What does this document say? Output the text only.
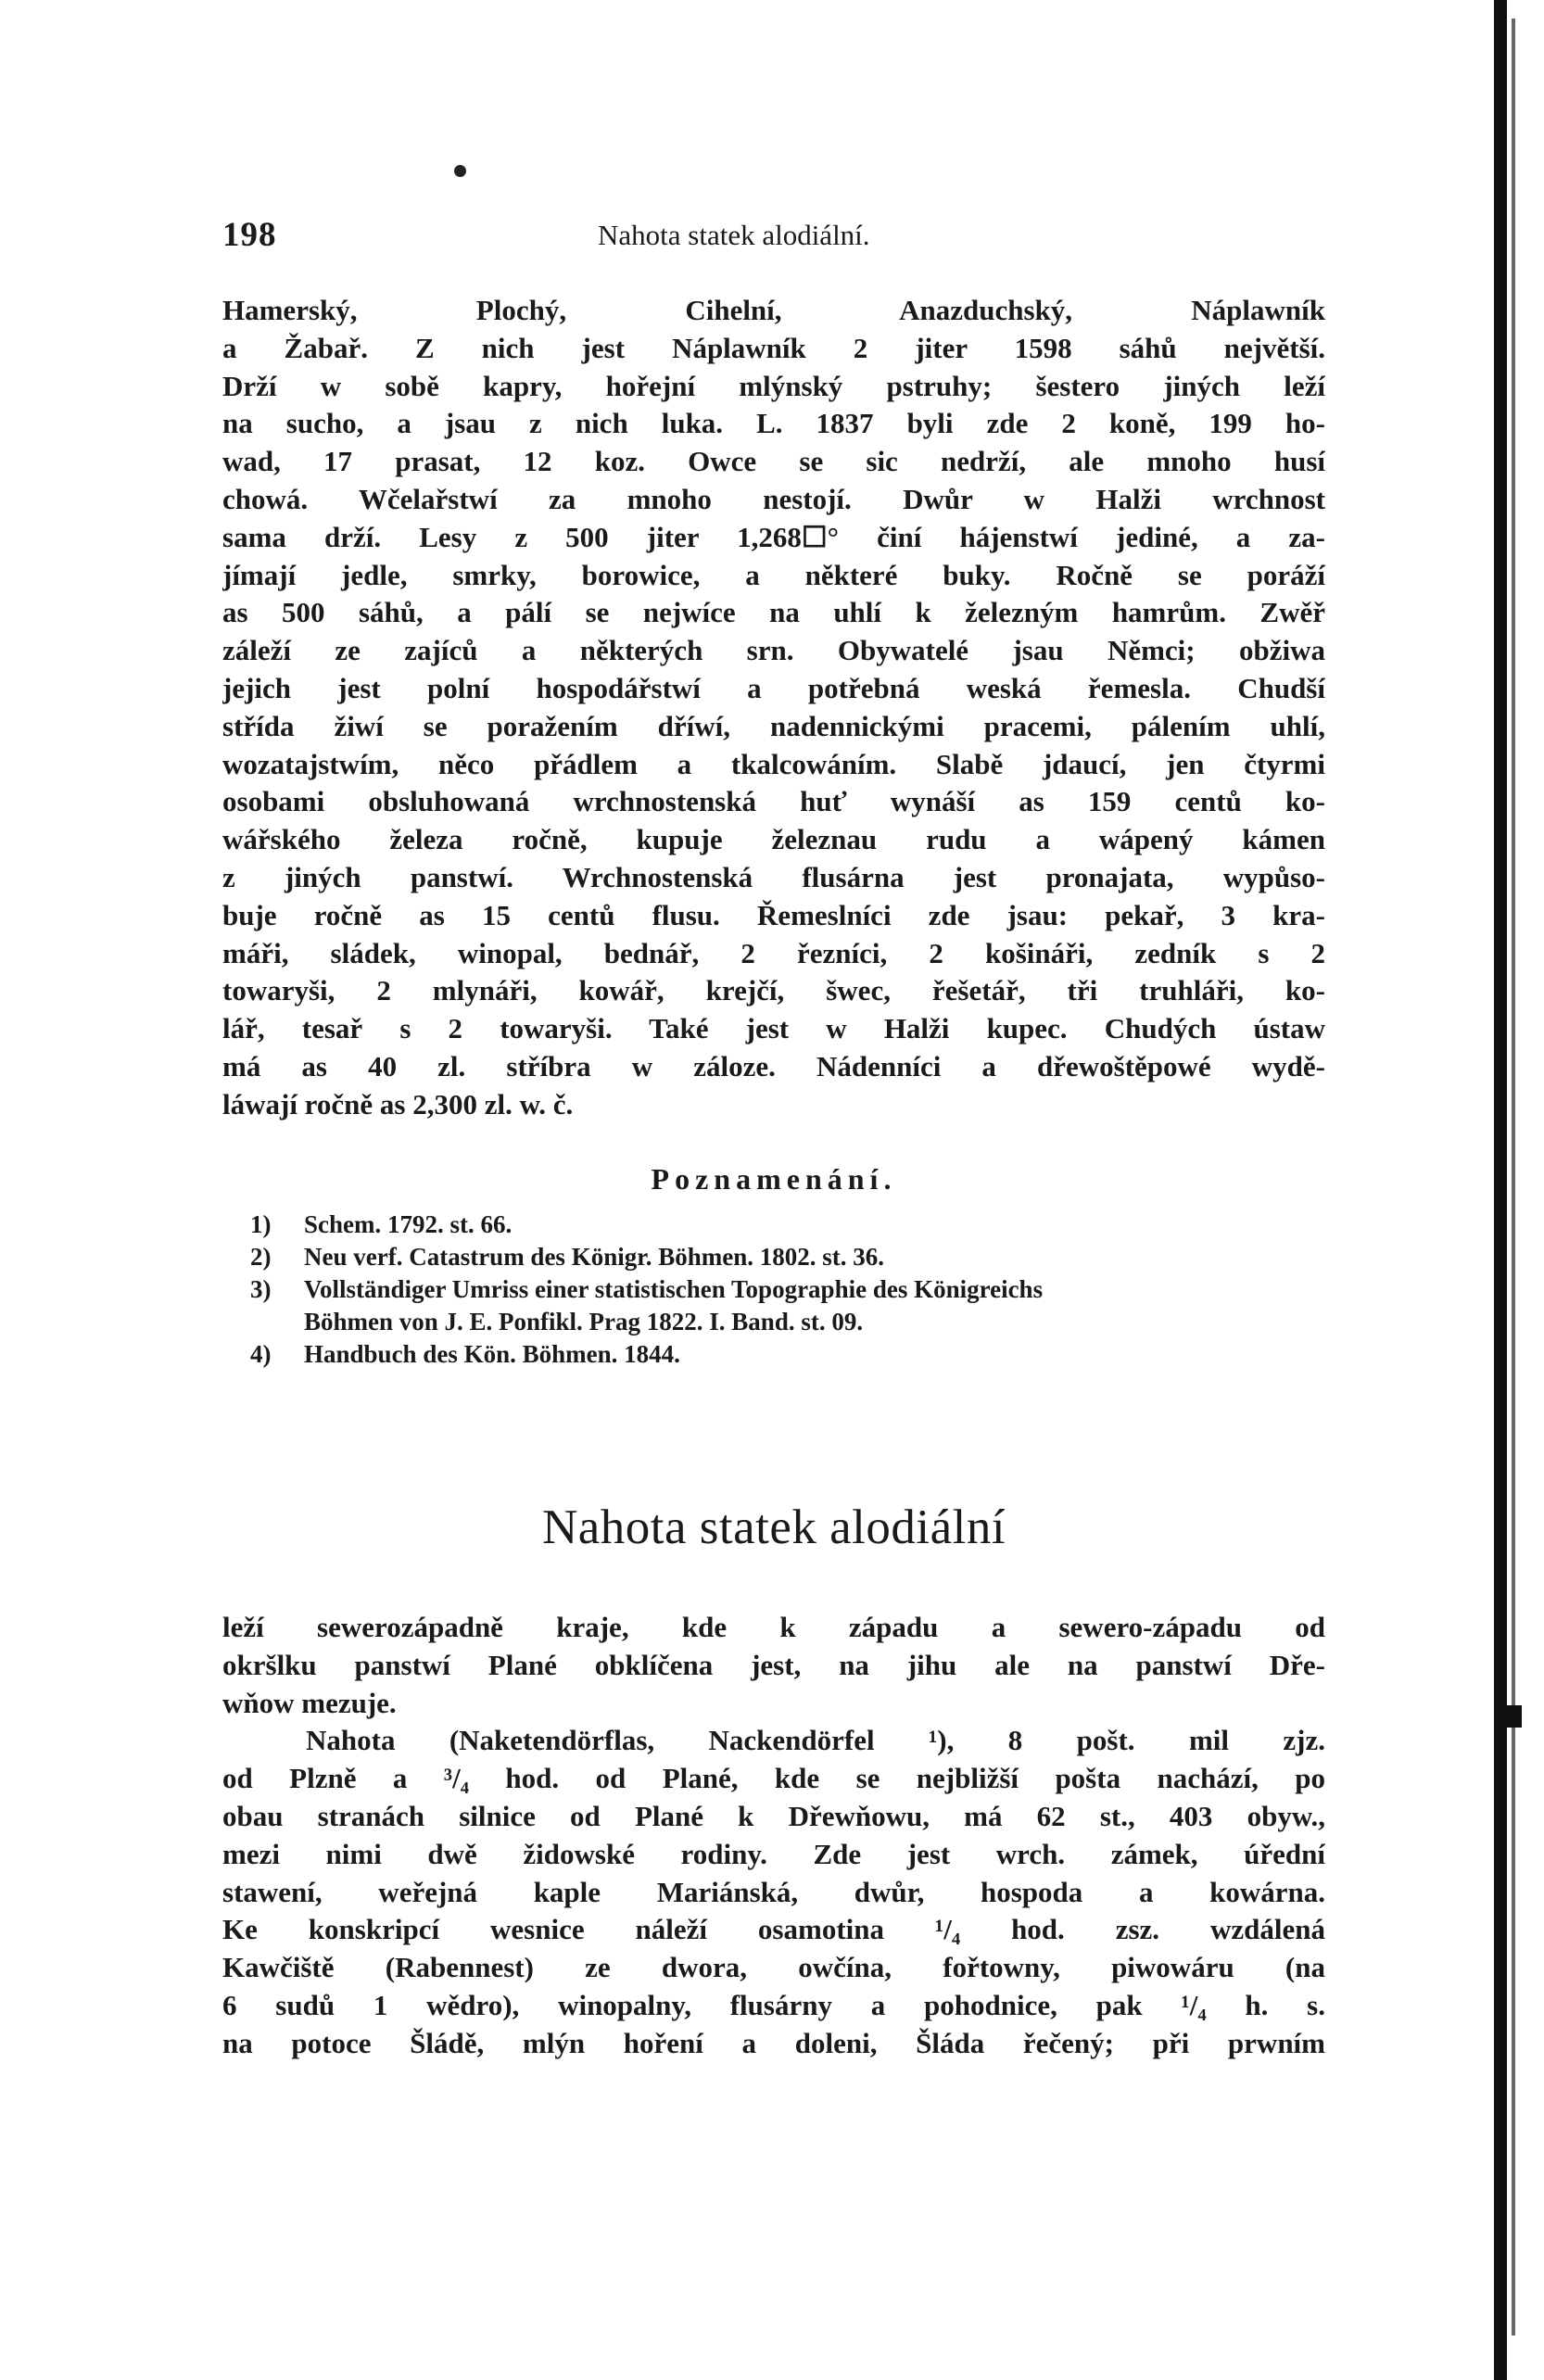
198	Nahota statek alodiální.
Hamerský, Plochý, Cihelní, Anazduchský, Náplawník
a Žabař. Z nich jest Náplawník 2 jiter 1598 sáhů největší.
Drží w sobě kapry, hořejní mlýnský pstruhy; šestero jiných leží
na sucho, a jsau z nich luka. L. 1837 byli zde 2 koně, 199 ho-
wad, 17 prasat, 12 koz. Owce se sic nedrží, ale mnoho husí
chowá. Wčelařstwí za mnoho nestojí. Dwůr w Halži wrchnost
sama drží. Lesy z 500 jiter 1,268☐° činí hájenstwí jediné, a za-
jímají jedle, smrky, borowice, a některé buky. Ročně se poráží
as 500 sáhů, a pálí se nejwíce na uhlí k železným hamrům. Zwěř
záleží ze zajíců a některých srn. Obywatelé jsau Němci; obžiwa
jejich jest polní hospodářstwí a potřebná weská řemesla. Chudší
střída žiwí se poražením dříwí, nadennickými pracemi, pálením uhlí,
wozatajstwím, něco přádlem a tkalcowáním. Slabě jdaucí, jen čtyrmi
osobami obsluhowaná wrchnostenská huť wynáší as 159 centů ko-
wářského železa ročně, kupuje železnau rudu a wápený kámen
z jiných panstwí. Wrchnostenská flusárna jest pronajata, wypůso-
buje ročně as 15 centů flusu. Řemeslníci zde jsau: pekař, 3 kra-
máři, sládek, winopal, bednář, 2 řezníci, 2 košináři, zedník s 2
towaryši, 2 mlynáři, kowář, krejčí, šwec, řešetář, tři truhláři, ko-
lář, tesař s 2 towaryši. Také jest w Halži kupec. Chudých ústaw
má as 40 zl. stříbra w záloze. Nádenníci a dřewoštěpowé wydě-
láwají ročně as 2,300 zl. w. č.
Poznamenání.
1)	Schem. 1792. st. 66.
2)	Neu verf. Catastrum des Königr. Böhmen. 1802. st. 36.
3)	Vollständiger Umriss einer statistischen Topographie des Königreichs
Böhmen von J. E. Ponfikl. Prag 1822. I. Band. st. 09.
4)	Handbuch des Kön. Böhmen. 1844.
Nahota statek alodiální
leží sewerozápadně kraje, kde k západu a sewero-západu od
okršlku panstwí Plané obklíčena jest, na jihu ale na panstwí Dře-
wňow mezuje.
Nahota (Naketendörflas, Nackendörfel ¹), 8 pošt. mil zjz.
od Plzně a ³/₄ hod. od Plané, kde se nejbližší pošta nachází, po
obau stranách silnice od Plané k Dřewňowu, má 62 st., 403 obyw.,
mezi nimi dwě židowské rodiny. Zde jest wrch. zámek, úřední
stawení, weřejná kaple Mariánská, dwůr, hospoda a kowárna.
Ke konskripcí wesnice náleží osamotina ¹/₄ hod. zsz. wzdálená
Kawčiště (Rabennest) ze dwora, owčína, fořtowny, piwowáru (na
6 sudů 1 wědro), winopalny, flusárny a pohodnice, pak ¹/₄ h. s.
na potoce Šládě, mlýn hoření a doleni, Šláda řečený; při prwním
